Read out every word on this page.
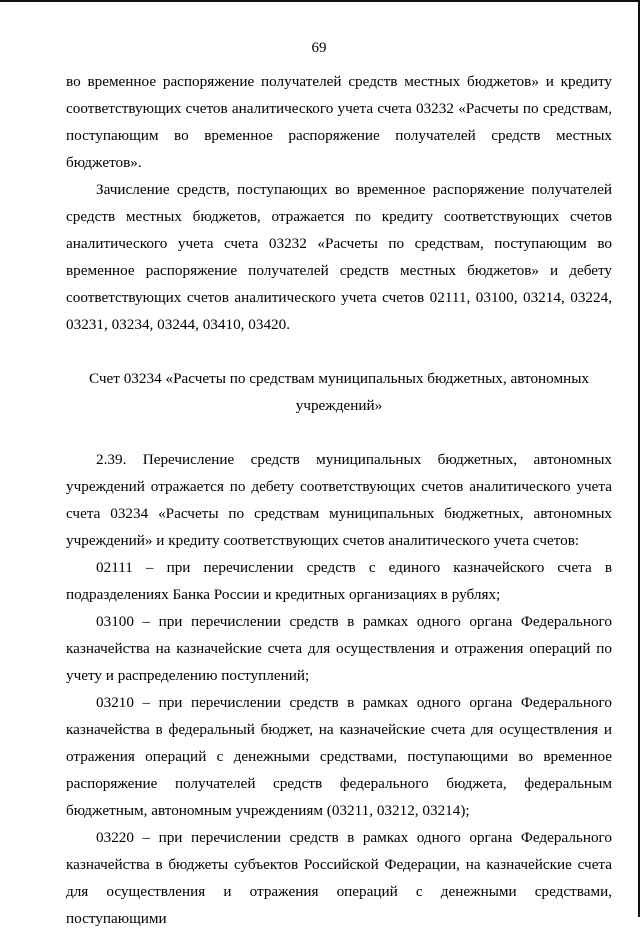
69

во временное распоряжение получателей средств местных бюджетов» и кредиту соответствующих счетов аналитического учета счета 03232 «Расчеты по средствам, поступающим во временное распоряжение получателей средств местных бюджетов».

Зачисление средств, поступающих во временное распоряжение получателей средств местных бюджетов, отражается по кредиту соответствующих счетов аналитического учета счета 03232 «Расчеты по средствам, поступающим во временное распоряжение получателей средств местных бюджетов» и дебету соответствующих счетов аналитического учета счетов 02111, 03100, 03214, 03224, 03231, 03234, 03244, 03410, 03420.

Счет 03234 «Расчеты по средствам муниципальных бюджетных, автономных
учреждений»

2.39. Перечисление средств муниципальных бюджетных, автономных учреждений отражается по дебету соответствующих счетов аналитического учета счета 03234 «Расчеты по средствам муниципальных бюджетных, автономных учреждений» и кредиту соответствующих счетов аналитического учета счетов:

02111 – при перечислении средств с единого казначейского счета в подразделениях Банка России и кредитных организациях в рублях;

03100 – при перечислении средств в рамках одного органа Федерального казначейства на казначейские счета для осуществления и отражения операций по учету и распределению поступлений;

03210 – при перечислении средств в рамках одного органа Федерального казначейства в федеральный бюджет, на казначейские счета для осуществления и отражения операций с денежными средствами, поступающими во временное распоряжение получателей средств федерального бюджета, федеральным бюджетным, автономным учреждениям (03211, 03212, 03214);

03220 – при перечислении средств в рамках одного органа Федерального казначейства в бюджеты субъектов Российской Федерации, на казначейские счета для осуществления и отражения операций с денежными средствами, поступающими
